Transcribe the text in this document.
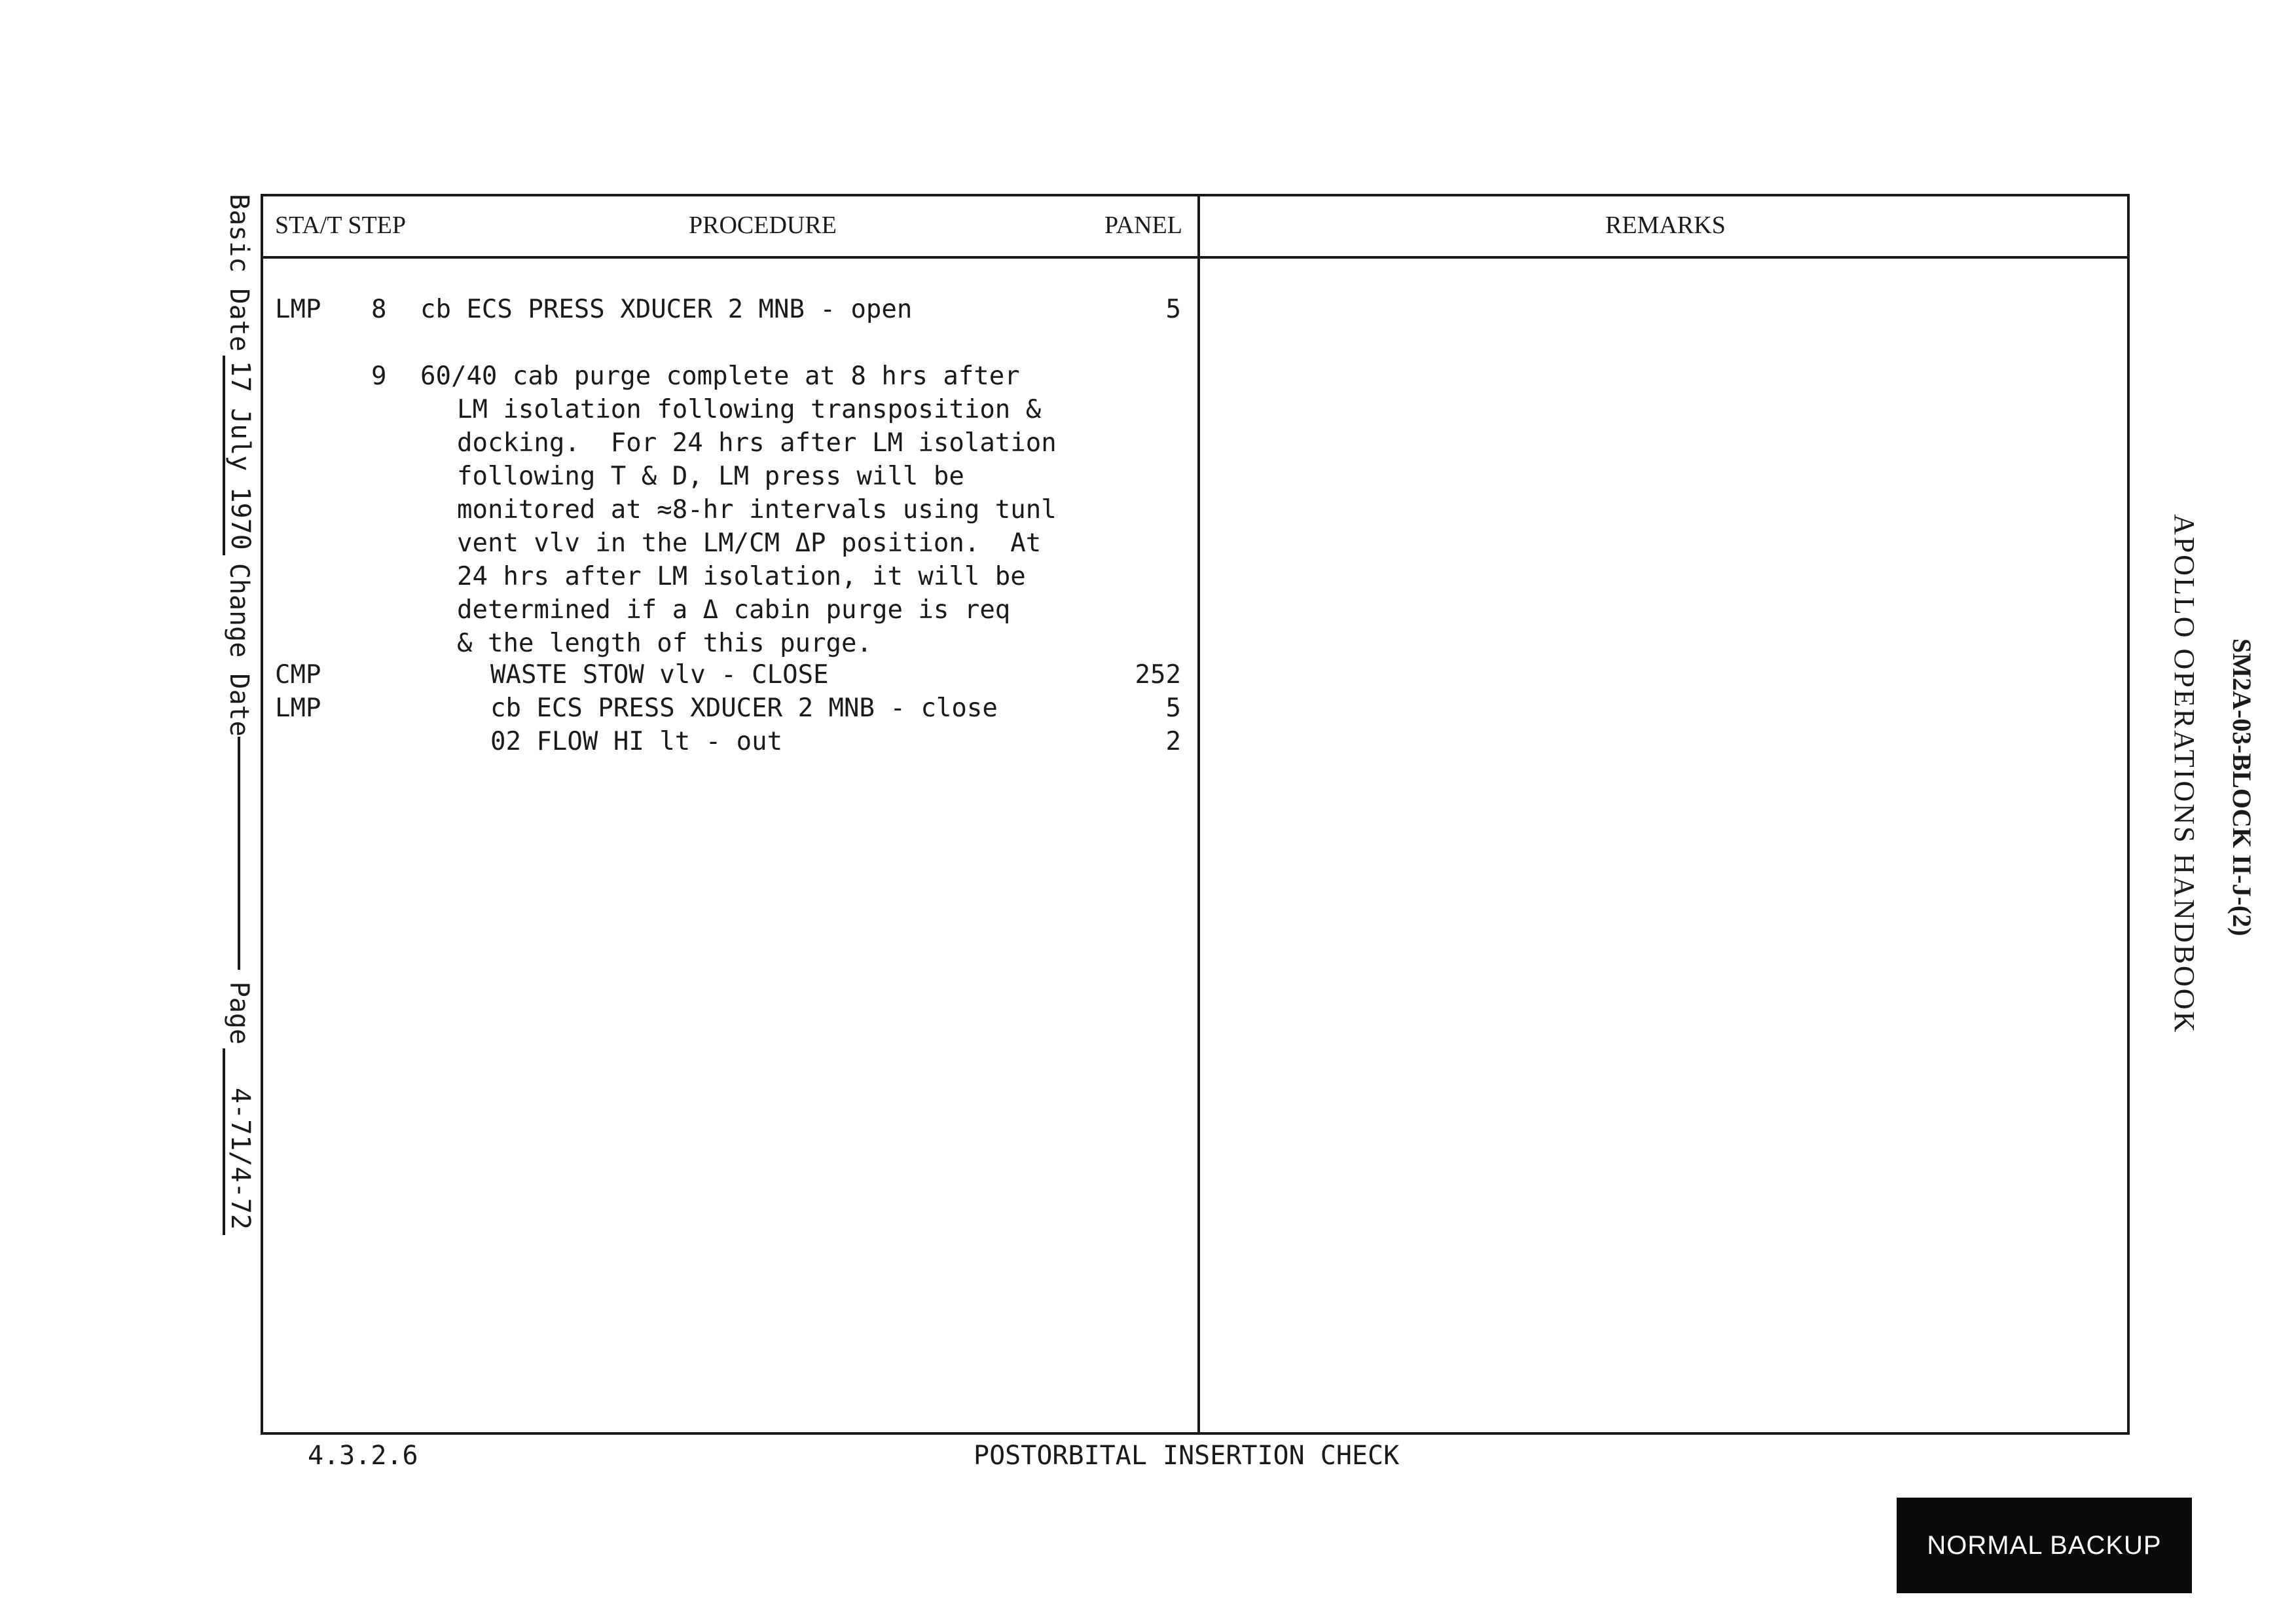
Basic Date
17 July 1970
Change Date
Page
4-71/4-72
APOLLO OPERATIONS HANDBOOK SM2A-03-BLOCK II-J-(2)
STA/T STEP	PROCEDURE	PANEL	REMARKS
LMP 8 cb ECS PRESS XDUCER 2 MNB - open	5
9 60/40 cab purge complete at 8 hrs after
LM isolation following transposition &
docking.  For 24 hrs after LM isolation
following T & D, LM press will be
monitored at ≈8-hr intervals using tunl
vent vlv in the LM/CM ΔP position.  At
24 hrs after LM isolation, it will be
determined if a Δ cabin purge is req
& the length of this purge.
CMP	WASTE STOW vlv - CLOSE	252
LMP	cb ECS PRESS XDUCER 2 MNB - close	5
02 FLOW HI lt - out	2
4.3.2.6	POSTORBITAL INSERTION CHECK
NORMAL BACKUP
